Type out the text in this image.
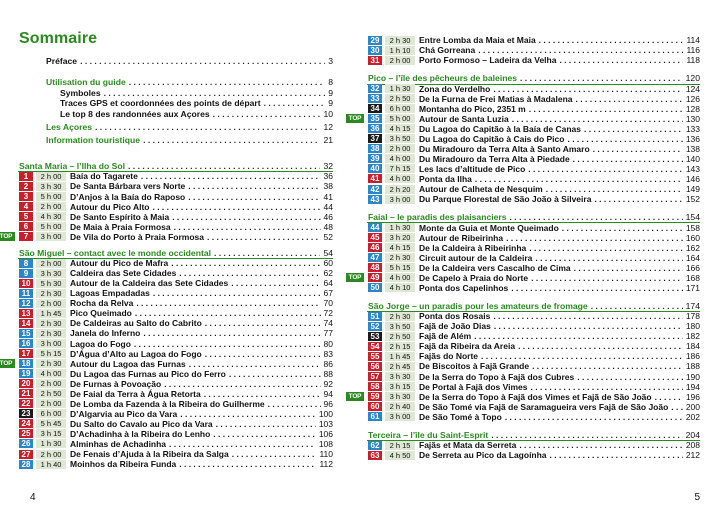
Sommaire
Préface . . .	3
Utilisation du guide . . .	8
Symboles . . .	9
Traces GPS et coordonnées des points de départ . . .	9
Le top 8 des randonnées aux Açores . . .	10
Les Açores . . .	12
Information touristique . . .	21
Santa Maria – l’Ilha do Sol . . .	32
1	2 h 00	Baía do Tagarete . . .	36
2	3 h 30	De Santa Bárbara vers Norte . . .	38
3	5 h 00	D’Anjos à la Baía do Raposo . . .	41
4	2 h 00	Autour du Pico Alto . . .	44
5	4 h 30	De Santo Espírito à Maia . . .	46
6	5 h 00	De Maia à Praia Formosa . . .	48
TOP	7	3 h 00	De Vila do Porto à Praia Formosa . . .	52
São Miguel – contact avec le monde occidental . . .	54
8	2 h 00	Autour du Pico de Mafra . . .	60
9	3 h 30	Caldeira das Sete Cidades . . .	62
10	5 h 30	Autour de la Caldeira das Sete Cidades . . .	64
11	2 h 30	Lagoas Empadadas . . .	67
12	2 h 00	Rocha da Relva . . .	70
13	1 h 45	Pico Queimado . . .	72
14	2 h 30	De Caldeiras au Salto do Cabrito . . .	74
15	2 h 30	Janela do Inferno . . .	77
16	3 h 00	Lagoa do Fogo . . .	80
17	5 h 15	D’Água d’Alto au Lagoa do Fogo . . .	83
TOP	18	2 h 30	Autour du Lagoa das Furnas . . .	86
19	4 h 00	Du Lagoa das Furnas au Pico do Ferro . . .	88
20	2 h 00	De Furnas à Povoação . . .	92
21	2 h 50	De Faial da Terra à Água Retorta . . .	94
22	2 h 00	De Lomba da Fazenda à la Ribeira do Guilherme . . .	96
23	6 h 00	D’Algarvia au Pico da Vara . . .	100
24	5 h 45	Du Salto do Cavalo au Pico da Vara . . .	103
25	3 h 15	D’Achadinha à la Ribeira do Lenho . . .	106
26	1 h 30	Alminhas de Achadinha . . .	108
27	2 h 00	De Fenais d’Ajuda à la Ribeira da Salga . . .	110
28	1 h 40	Moinhos da Ribeira Funda . . .	112
4
29	2 h 30	Entre Lomba da Maia et Maia . . .	114
30	1 h 10	Chá Gorreana . . .	116
31	2 h 00	Porto Formoso – Ladeira da Velha . . .	118
Pico – l’île des pêcheurs de baleines . . .	120
32	1 h 30	Zona do Verdelho . . .	124
33	2 h 50	De la Furna de Frei Matias à Madalena . . .	126
34	6 h 00	Montanha do Pico, 2351 m . . .	128
TOP	35	5 h 00	Autour de Santa Luzia . . .	130
36	4 h 15	Du Lagoa do Capitão à la Baía de Canas . . .	133
37	3 h 50	Du Lagoa do Capitão à Cais do Pico . . .	136
38	2 h 00	Du Miradouro da Terra Alta à Santo Amaro . . .	138
39	4 h 00	Du Miradouro da Terra Alta à Piedade . . .	140
40	7 h 15	Les lacs d’altitude de Pico . . .	143
41	4 h 00	Ponta da Ilha . . .	146
42	2 h 20	Autour de Calheta de Nesquim . . .	149
43	3 h 00	Du Parque Florestal de São João à Silveira . . .	152
Faial – le paradis des plaisanciers . . .	154
44	1 h 30	Monte da Guia et Monte Queimado . . .	158
45	3 h 20	Autour de Ribeirinha . . .	160
46	4 h 15	De la Caldeira à Ribeirinha . . .	162
47	2 h 30	Circuit autour de la Caldeira . . .	164
48	5 h 15	De la Caldeira vers Cascalho de Cima . . .	166
TOP	49	4 h 00	De Capelo à Praia do Norte . . .	168
50	4 h 10	Ponta dos Capelinhos . . .	171
São Jorge – un paradis pour les amateurs de fromage . . .	174
51	2 h 30	Ponta dos Rosais . . .	178
52	3 h 50	Fajã de João Dias . . .	180
53	2 h 50	Fajã de Além . . .	182
54	2 h 15	Fajã da Ribeira da Areia . . .	184
55	1 h 45	Fajãs do Norte . . .	186
56	2 h 45	De Biscoitos à Fajã Grande . . .	188
57	3 h 30	De la Serra do Topo à Fajã dos Cubres . . .	190
58	3 h 15	De Portal à Fajã dos Vimes . . .	194
TOP	59	3 h 30	De la Serra do Topo à Fajã dos Vimes et Fajã de São João . . .	196
60	2 h 40	De São Tomé via Fajã de Saramagueira vers Fajã de São João . . . 200
61	3 h 00	De São Tomé à Topo . . .	202
Terceira – l’île du Saint-Esprit . . .	204
62	2 h 15	Fajãs et Mata da Serreta . . .	208
63	4 h 50	De Serreta au Pico da Lagoínha . . .	212
5
